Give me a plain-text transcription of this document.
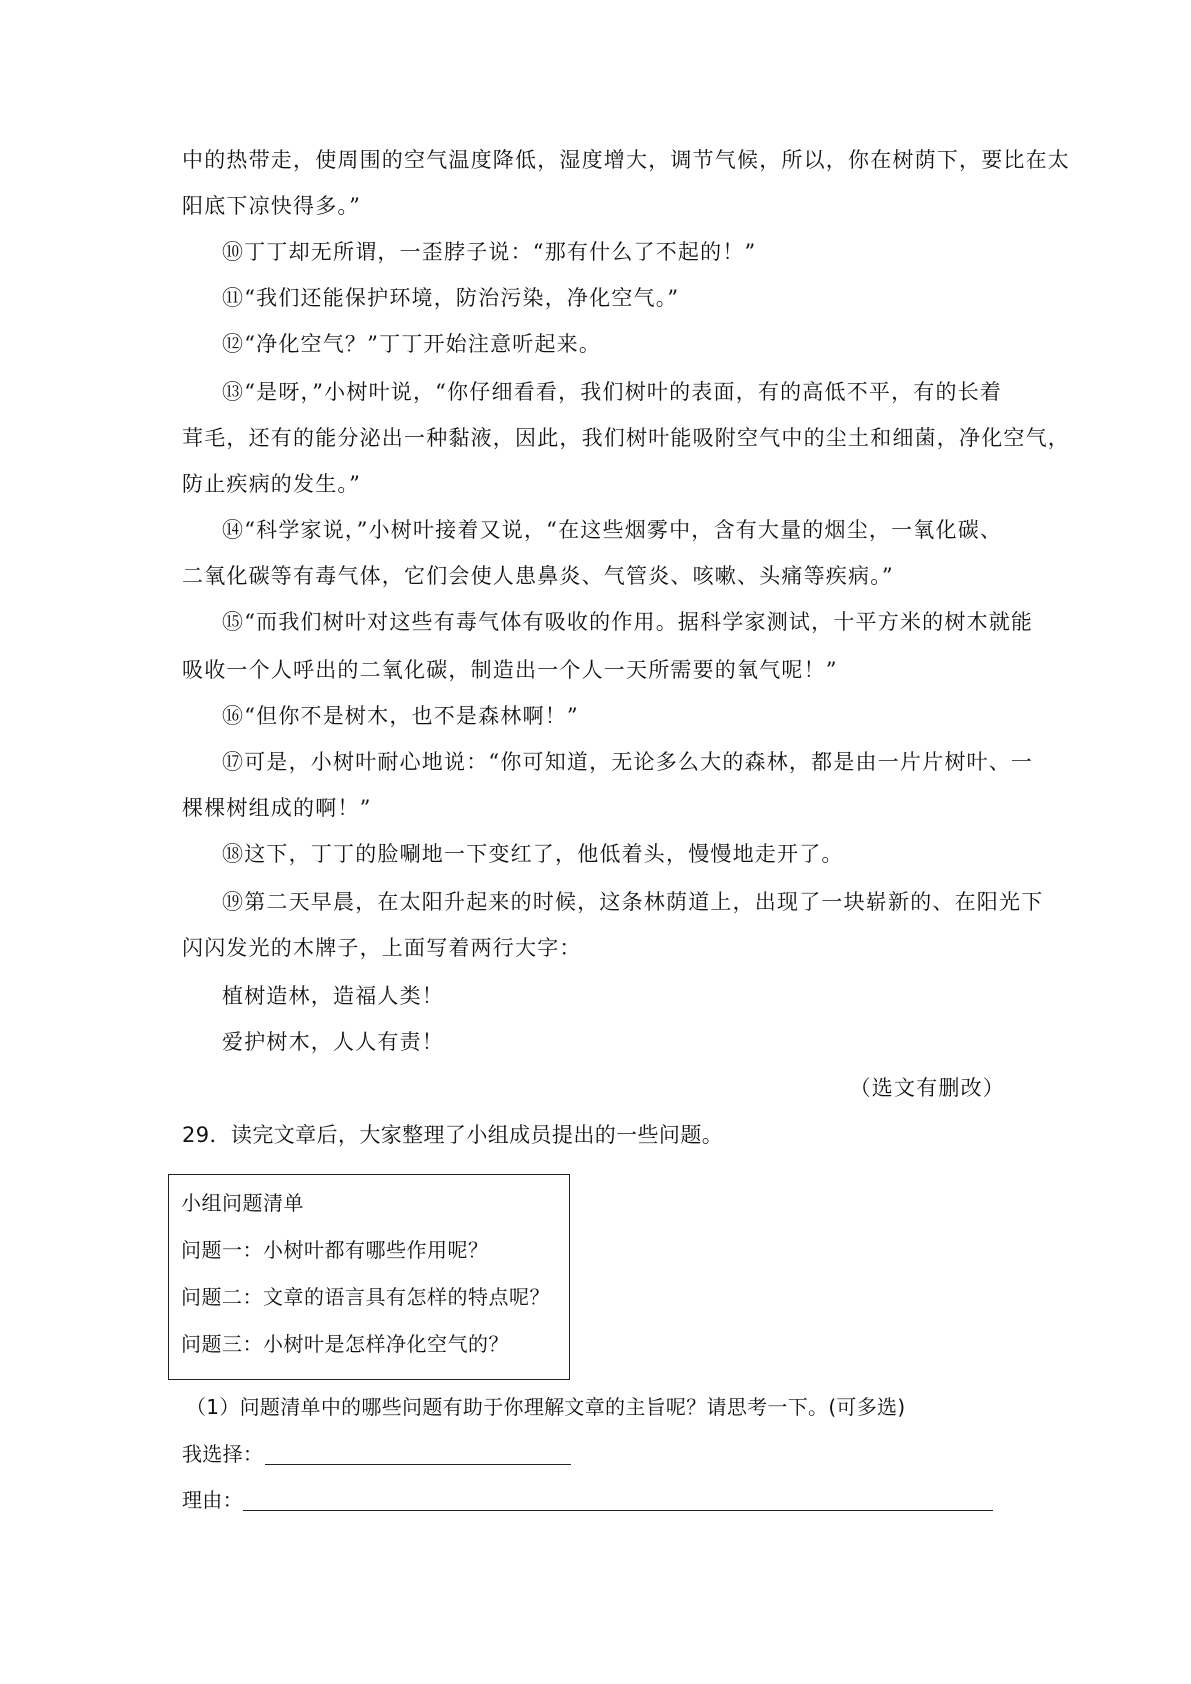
中的热带走，使周围的空气温度降低，湿度增大，调节气候，所以，你在树荫下，要比在太
阳底下凉快得多。”
⑩丁丁却无所谓，一歪脖子说：“那有什么了不起的！”
⑪“我们还能保护环境，防治污染，净化空气。”
⑫“净化空气？”丁丁开始注意听起来。
⑬“是呀，”小树叶说，“你仔细看看，我们树叶的表面，有的高低不平，有的长着
茸毛，还有的能分泌出一种黏液，因此，我们树叶能吸附空气中的尘土和细菌，净化空气，
防止疾病的发生。”
⑭“科学家说，”小树叶接着又说，“在这些烟雾中，含有大量的烟尘，一氧化碳、
二氧化碳等有毒气体，它们会使人患鼻炎、气管炎、咳嗽、头痛等疾病。”
⑮“而我们树叶对这些有毒气体有吸收的作用。据科学家测试，十平方米的树木就能
吸收一个人呼出的二氧化碳，制造出一个人一天所需要的氧气呢！”
⑯“但你不是树木，也不是森林啊！”
⑰可是，小树叶耐心地说：“你可知道，无论多么大的森林，都是由一片片树叶、一
棵棵树组成的啊！”
⑱这下，丁丁的脸唰地一下变红了，他低着头，慢慢地走开了。
⑲第二天早晨，在太阳升起来的时候，这条林荫道上，出现了一块崭新的、在阳光下
闪闪发光的木牌子，上面写着两行大字：
植树造林，造福人类！
爱护树木，人人有责！
（选文有删改）
29．读完文章后，大家整理了小组成员提出的一些问题。
小组问题清单
问题一：小树叶都有哪些作用呢？
问题二：文章的语言具有怎样的特点呢？
问题三：小树叶是怎样净化空气的？
（1）问题清单中的哪些问题有助于你理解文章的主旨呢？请思考一下。(可多选)
我选择：
理由：
